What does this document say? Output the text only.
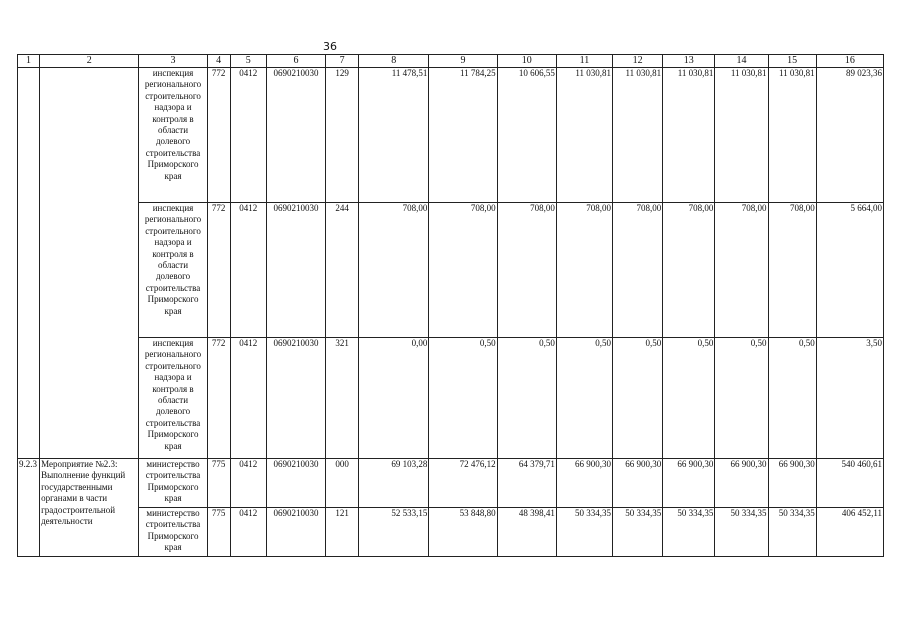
36
1	2	3	4	5	6	7	8	9	10	11	12	13	14	15	16
		инспекция регионального строительного надзора и контроля в области долевого строительства Приморского края	772	0412	0690210030	129	11 478,51	11 784,25	10 606,55	11 030,81	11 030,81	11 030,81	11 030,81	11 030,81	89 023,36
		инспекция регионального строительного надзора и контроля в области долевого строительства Приморского края	772	0412	0690210030	244	708,00	708,00	708,00	708,00	708,00	708,00	708,00	708,00	5 664,00
		инспекция регионального строительного надзора и контроля в области долевого строительства Приморского края	772	0412	0690210030	321	0,00	0,50	0,50	0,50	0,50	0,50	0,50	0,50	3,50
9.2.3	Мероприятие №2.3: Выполнение функций государственными органами в части градостроительной деятельности	министерство строительства Приморского края	775	0412	0690210030	000	69 103,28	72 476,12	64 379,71	66 900,30	66 900,30	66 900,30	66 900,30	66 900,30	540 460,61
		министерство строительства Приморского края	775	0412	0690210030	121	52 533,15	53 848,80	48 398,41	50 334,35	50 334,35	50 334,35	50 334,35	50 334,35	406 452,11
